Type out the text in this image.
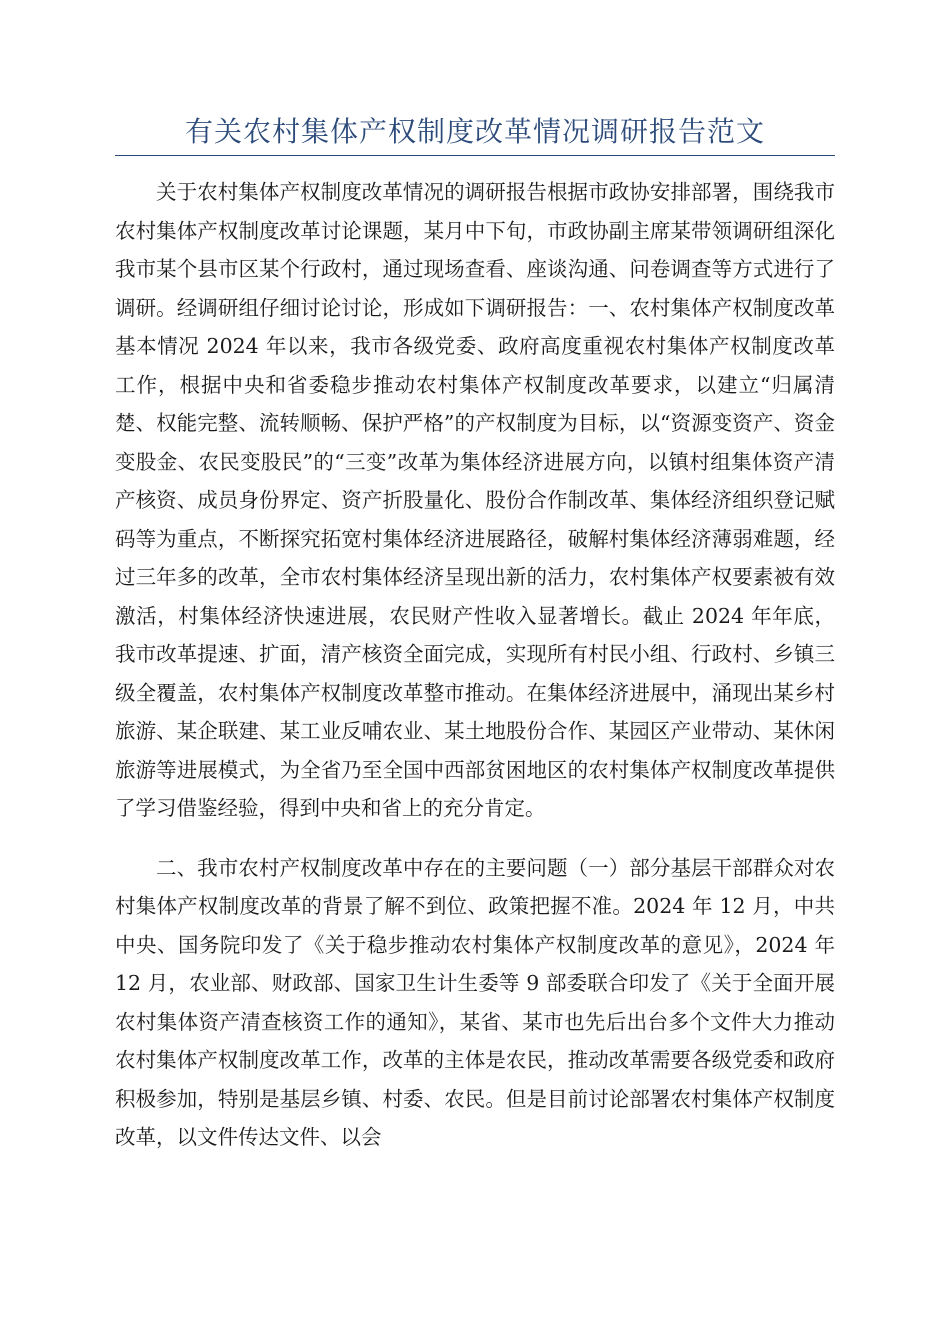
有关农村集体产权制度改革情况调研报告范文

关于农村集体产权制度改革情况的调研报告根据市政协安排部署，围绕我市农村集体产权制度改革讨论课题，某月中下旬，市政协副主席某带领调研组深化我市某个县市区某个行政村，通过现场查看、座谈沟通、问卷调查等方式进行了调研。经调研组仔细讨论讨论，形成如下调研报告：一、农村集体产权制度改革基本情况 2024 年以来，我市各级党委、政府高度重视农村集体产权制度改革工作，根据中央和省委稳步推动农村集体产权制度改革要求，以建立“归属清楚、权能完整、流转顺畅、保护严格”的产权制度为目标，以“资源变资产、资金变股金、农民变股民”的“三变”改革为集体经济进展方向，以镇村组集体资产清产核资、成员身份界定、资产折股量化、股份合作制改革、集体经济组织登记赋码等为重点，不断探究拓宽村集体经济进展路径，破解村集体经济薄弱难题，经过三年多的改革，全市农村集体经济呈现出新的活力，农村集体产权要素被有效激活，村集体经济快速进展，农民财产性收入显著增长。截止 2024 年年底，我市改革提速、扩面，清产核资全面完成，实现所有村民小组、行政村、乡镇三级全覆盖，农村集体产权制度改革整市推动。在集体经济进展中，涌现出某乡村旅游、某企联建、某工业反哺农业、某土地股份合作、某园区产业带动、某休闲旅游等进展模式，为全省乃至全国中西部贫困地区的农村集体产权制度改革提供了学习借鉴经验，得到中央和省上的充分肯定。

二、我市农村产权制度改革中存在的主要问题（一）部分基层干部群众对农村集体产权制度改革的背景了解不到位、政策把握不准。2024 年 12 月，中共中央、国务院印发了《关于稳步推动农村集体产权制度改革的意见》，2024 年 12 月，农业部、财政部、国家卫生计生委等 9 部委联合印发了《关于全面开展农村集体资产清查核资工作的通知》，某省、某市也先后出台多个文件大力推动农村集体产权制度改革工作，改革的主体是农民，推动改革需要各级党委和政府积极参加，特别是基层乡镇、村委、农民。但是目前讨论部署农村集体产权制度改革，以文件传达文件、以会
